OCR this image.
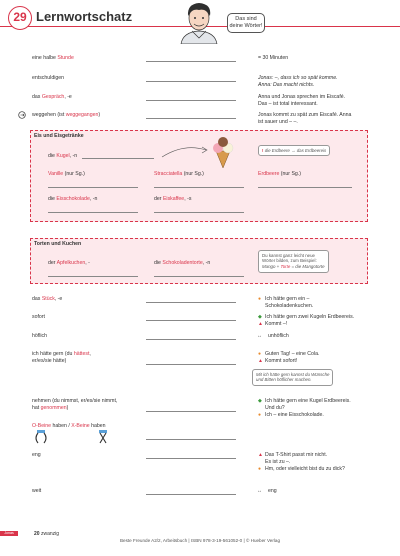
29 Lernwortschatz	Das sind deine Wörter!
eine halbe Stunde	= 30 Minuten
entschuldigen	Jonas: –, dass ich so spät komme.
Anna: Das macht nichts.
das Gespräch, -e	Anna und Jonas sprechen im Eiscafé.
Das – ist total interessant.
weggehen (ist weggegangen)	Jonas kommt zu spät zum Eiscafé. Anna
ist sauer und – –.
Eis und Eisgetränke
die Kugel, -n
! die Erdbeere → das Erdbeereis
Vanille (nur Sg.)	Stracciatella (nur Sg.)	Erdbeere (nur Sg.)
die Eisschokolade, -n	der Eiskaffee, -s
Torten und Kuchen
der Apfelkuchen, -	die Schokoladentorte, -n
Du kannst ganz leicht neue
Wörter bilden, zum Beispiel:
Mango + Torte = die Mangotorte
das Stück, -e	● Ich hätte gern ein –
Schokoladenkuchen.
sofort	◆ Ich hätte gern zwei Kugeln Erdbeereis.
▲ Kommt –!
höflich	↔ unhöflich
ich hätte gern (du hättest,
er/es/sie hätte)
● Guten Tag! – eine Cola.
▲ Kommt sofort!
Mit ich hätte gern kannst du Wünsche
und Bitten höflicher machen.
nehmen (du nimmst, er/es/sie nimmt,
hat genommen)
◆ Ich hätte gern eine Kugel Erdbeereis.
Und du?
● Ich – eine Eisschokolade.
O-Beine haben / X-Beine haben
eng	▲ Das T-Shirt passt mir nicht.
Es ist zu –.
● Hm, oder vielleicht bist du zu dick?
weit	↔ eng
Jonas	20 zwanzig
Beste Freunde A2/2, Arbeitsbuch | ISBN 978-3-19-561052-0 | © Hueber Verlag
